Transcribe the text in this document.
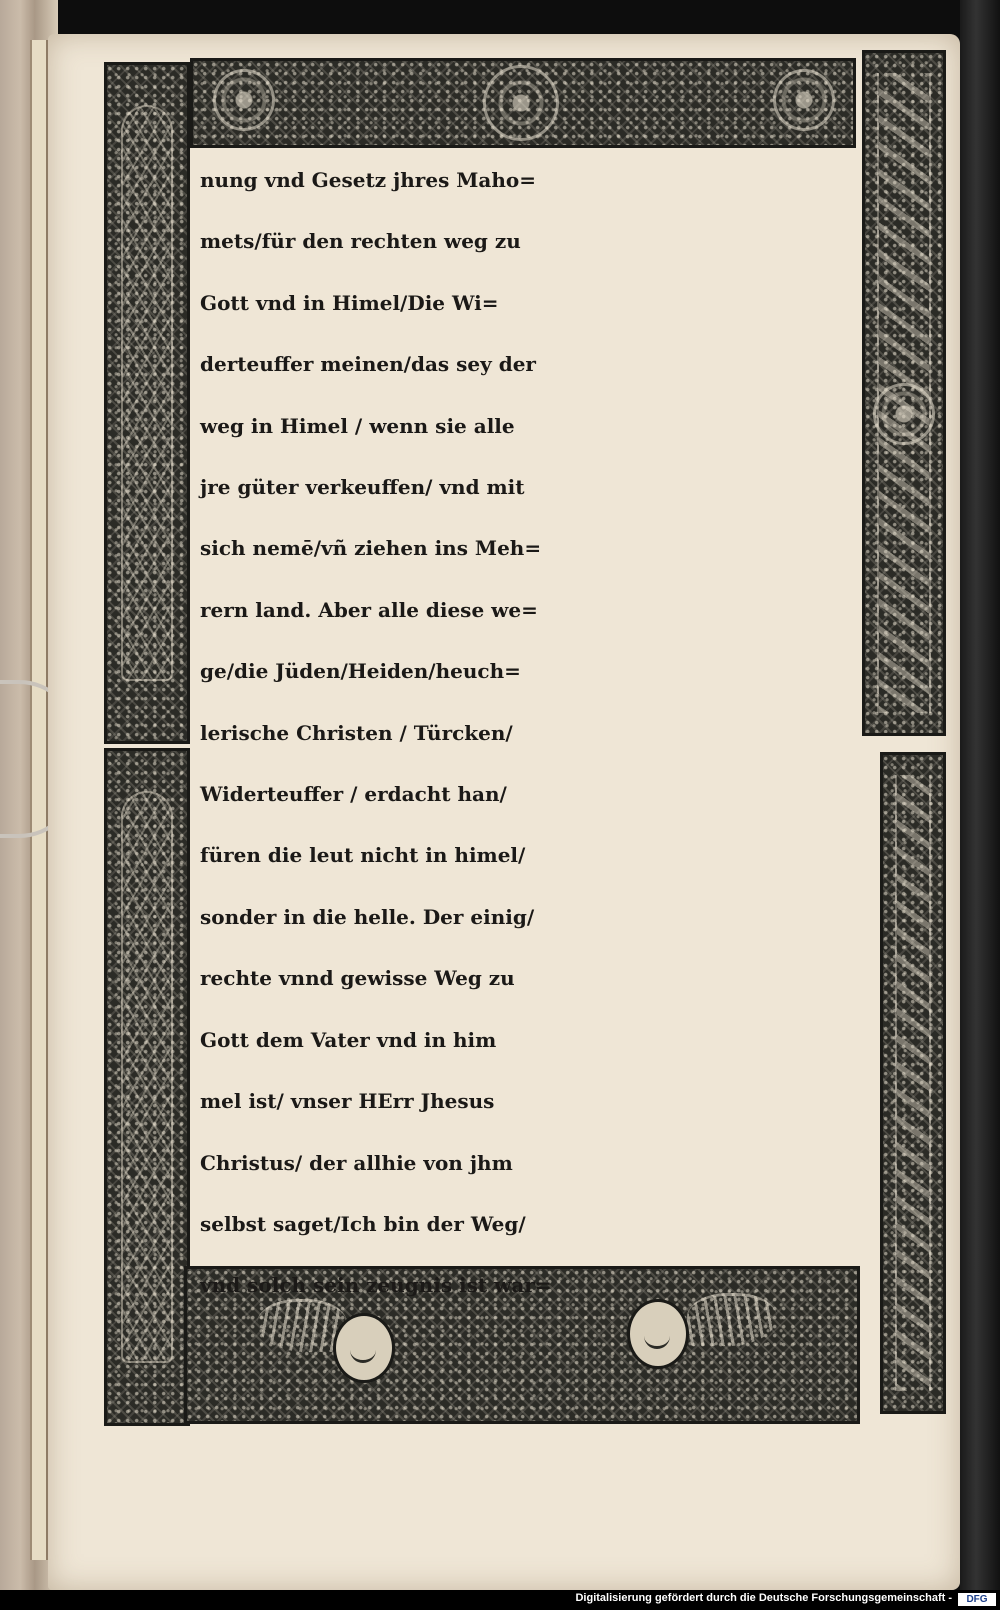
nung vnd Gesetz jhres Maho=
mets/für den rechten weg zu
Gott vnd in Himel/Die Wi=
derteuffer meinen/das sey der
weg in Himel / wenn sie alle
jre güter verkeuffen/ vnd mit
sich nemē/vñ ziehen ins Meh=
rern land. Aber alle diese we=
ge/die Jüden/Heiden/heuch=
lerische Christen / Türcken/
Widerteuffer / erdacht han/
füren die leut nicht in himel/
sonder in die helle. Der einig/
rechte vnnd gewisse Weg zu
Gott dem Vater vnd in him
mel ist/ vnser HErr Jhesus
Christus/ der allhie von jhm
selbst saget/Ich bin der Weg/
vnd solch sein zeugnis ist war=
Digitalisierung gefördert durch die Deutsche Forschungsgemeinschaft -	DFG
